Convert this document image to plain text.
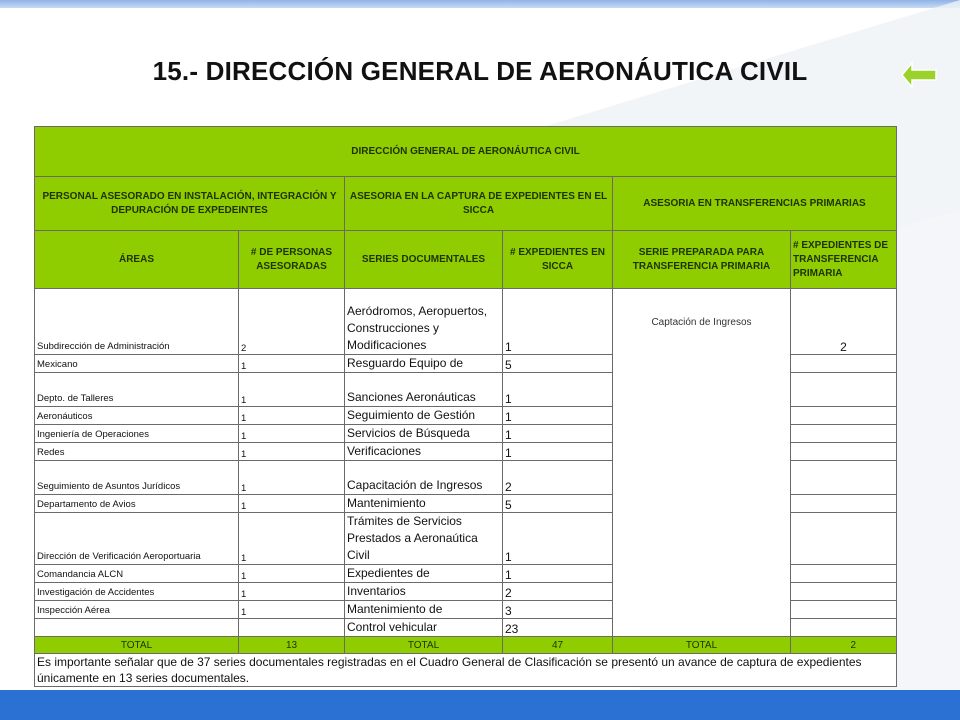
15.- DIRECCIÓN GENERAL DE AERONÁUTICA CIVIL
DIRECCIÓN GENERAL DE AERONÁUTICA CIVIL					
PERSONAL ASESORADO EN INSTALACIÓN, INTEGRACIÓN Y DEPURACIÓN DE EXPEDEINTES		ASESORIA EN LA CAPTURA DE EXPEDIENTES EN EL SICCA		ASESORIA EN TRANSFERENCIAS PRIMARIAS	
ÁREAS	# DE PERSONAS ASESORADAS	SERIES DOCUMENTALES	# EXPEDIENTES EN SICCA	SERIE PREPARADA PARA TRANSFERENCIA PRIMARIA	# EXPEDIENTES DE TRANSFERENCIA PRIMARIA
Subdirección de Administración	2	Aeródromos, Aeropuertos, Construcciones y Modificaciones	1	Captación de Ingresos	2
Mexicano	1	Resguardo Equipo de	5		
Depto. de Talleres	1	Sanciones Aeronáuticas	1		
Aeronáuticos	1	Seguimiento de Gestión	1		
Ingeniería de Operaciones	1	Servicios de Búsqueda	1		
Redes	1	Verificaciones	1		
Seguimiento de Asuntos Jurídicos	1	Capacitación de Ingresos	2		
Departamento de Avios	1	Mantenimiento	5		
Dirección de Verificación Aeroportuaria	1	Trámites de Servicios Prestados a Aeronaútica Civil	1		
Comandancia ALCN	1	Expedientes de	1		
Investigación de Accidentes	1	Inventarios	2		
Inspección Aérea	1	Mantenimiento de	3		
		Control vehicular	23		
TOTAL	13	TOTAL	47	TOTAL	2
Es importante señalar que de 37 series documentales registradas en el Cuadro General de Clasificación se presentó un avance de captura de expedientes únicamente en 13 series documentales.					
